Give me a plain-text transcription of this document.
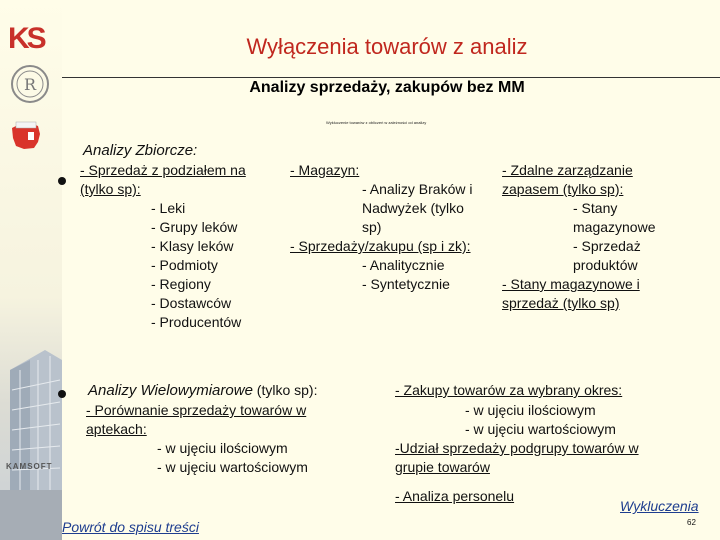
KS
R
KAMSOFT
Wyłączenia towarów z analiz
Analizy sprzedaży, zakupów bez MM
Wykluczenie towarów z obliczeń w zależności od analizy
Analizy Zbiorcze:
- Sprzedaż z podziałem na
(tylko sp):
- Leki
- Grupy leków
- Klasy leków
- Podmioty
- Regiony
- Dostawców
- Producentów
- Magazyn:
- Analizy Braków i
Nadwyżek (tylko
sp)
- Sprzedaży/zakupu (sp i zk):
- Analitycznie
- Syntetycznie
- Zdalne zarządzanie
zapasem (tylko sp):
- Stany
magazynowe
- Sprzedaż
produktów
- Stany magazynowe i
sprzedaż (tylko sp)
Analizy Wielowymiarowe (tylko sp):
- Porównanie sprzedaży towarów w
aptekach:
- w ujęciu ilościowym
- w ujęciu wartościowym
- Zakupy towarów za wybrany okres:
- w ujęciu ilościowym
- w ujęciu wartościowym
-Udział sprzedaży podgrupy towarów w
grupie towarów
- Analiza personelu
Powrót do spisu treści
Wykluczenia
62
